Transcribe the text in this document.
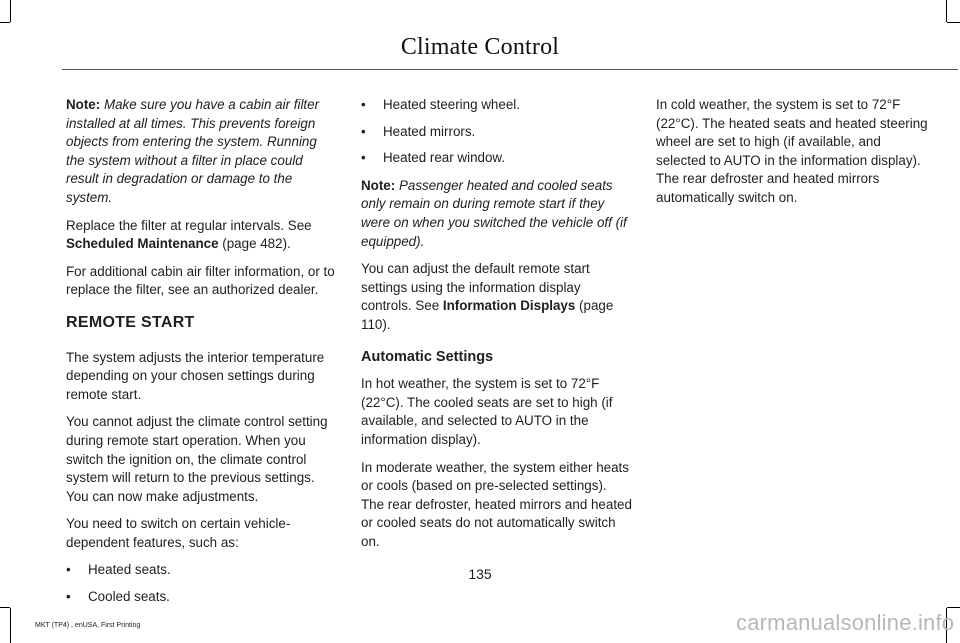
Climate Control

Note: Make sure you have a cabin air filter installed at all times. This prevents foreign objects from entering the system. Running the system without a filter in place could result in degradation or damage to the system.

Replace the filter at regular intervals. See Scheduled Maintenance (page 482).

For additional cabin air filter information, or to replace the filter, see an authorized dealer.

REMOTE START

The system adjusts the interior temperature depending on your chosen settings during remote start.

You cannot adjust the climate control setting during remote start operation. When you switch the ignition on, the climate control system will return to the previous settings. You can now make adjustments.

You need to switch on certain vehicle-dependent features, such as:

• Heated seats.
• Cooled seats.
• Heated steering wheel.
• Heated mirrors.
• Heated rear window.

Note: Passenger heated and cooled seats only remain on during remote start if they were on when you switched the vehicle off (if equipped).

You can adjust the default remote start settings using the information display controls. See Information Displays (page 110).

Automatic Settings

In hot weather, the system is set to 72°F (22°C). The cooled seats are set to high (if available, and selected to AUTO in the information display).

In moderate weather, the system either heats or cools (based on pre-selected settings). The rear defroster, heated mirrors and heated or cooled seats do not automatically switch on.

In cold weather, the system is set to 72°F (22°C). The heated seats and heated steering wheel are set to high (if available, and selected to AUTO in the information display). The rear defroster and heated mirrors automatically switch on.

135
MKT (TP4) , enUSA, First Printing	carmanualsonline.info
